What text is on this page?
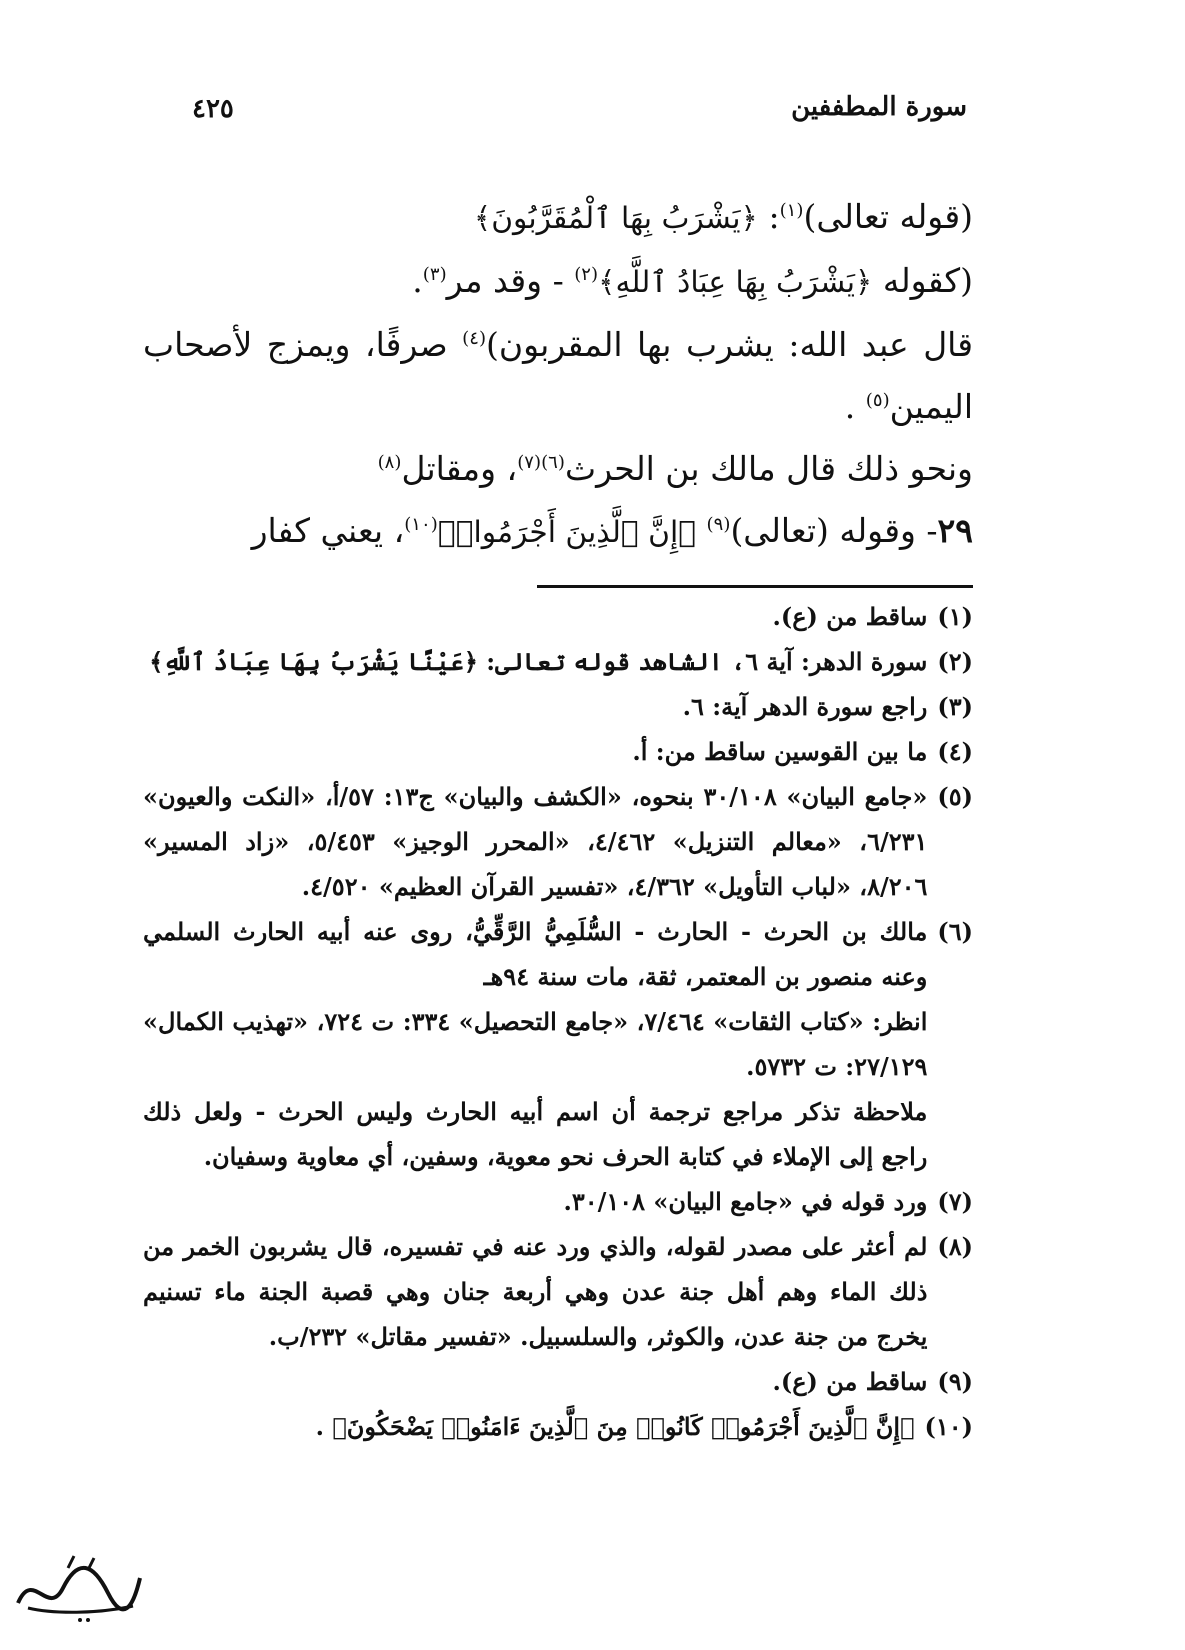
سورة المطففين
٤٢٥

(قوله تعالى)$^{(١)}$: ﴿يَشْرَبُ بِهَا ٱلْمُقَرَّبُونَ﴾

(كقوله ﴿يَشْرَبُ بِهَا عِبَادُ ٱللَّهِ﴾$^{(٢)}$ - وقد مر$^{(٣)}$.

قال عبد الله: يشرب بها المقربون)$^{(٤)}$ صرفًا، ويمزج لأصحاب اليمين$^{(٥)}$ .

ونحو ذلك قال مالك بن الحرث$^{(٦)(٧)}$، ومقاتل$^{(٨)}$

٢٩- وقوله (تعالى)$^{(٩)}$ ﴿إِنَّ ٱلَّذِينَ أَجْرَمُوا۟﴾$^{(١٠)}$، يعني كفار

(١)
ساقط من (ع).
(٢)
سورة الدهر: آية ٦، الشاهد قوله تعالى: ﴿عَيْنًا يَشْرَبُ بِهَا عِبَادُ ٱللَّهِ﴾
(٣)
راجع سورة الدهر آية: ٦.
(٤)
ما بين القوسين ساقط من: أ.
(٥)
«جامع البيان» ٣٠/١٠٨ بنحوه، «الكشف والبيان» ج١٣: ٥٧/أ، «النكت والعيون» ٦/٢٣١، «معالم التنزيل» ٤/٤٦٢، «المحرر الوجيز» ٥/٤٥٣، «زاد المسير» ٨/٢٠٦، «لباب التأويل» ٤/٣٦٢، «تفسير القرآن العظيم» ٤/٥٢٠.
(٦)
مالك بن الحرث - الحارث - السُّلَمِيُّ الرَّقِّيُّ، روى عنه أبيه الحارث السلمي وعنه منصور بن المعتمر، ثقة، مات سنة ٩٤هـ
انظر: «كتاب الثقات» ٧/٤٦٤، «جامع التحصيل» ٣٣٤: ت ٧٢٤، «تهذيب الكمال» ٢٧/١٢٩: ت ٥٧٣٢.
ملاحظة تذكر مراجع ترجمة أن اسم أبيه الحارث وليس الحرث - ولعل ذلك راجع إلى الإملاء في كتابة الحرف نحو معوية، وسفين، أي معاوية وسفيان.
(٧)
ورد قوله في «جامع البيان» ٣٠/١٠٨.
(٨)
لم أعثر على مصدر لقوله، والذي ورد عنه في تفسيره، قال يشربون الخمر من ذلك الماء وهم أهل جنة عدن وهي أربعة جنان وهي قصبة الجنة ماء تسنيم يخرج من جنة عدن، والكوثر، والسلسبيل. «تفسير مقاتل» ٢٣٢/ب.
(٩)
ساقط من (ع).
(١٠)
﴿إِنَّ ٱلَّذِينَ أَجْرَمُوا۟ كَانُوا۟ مِنَ ٱلَّذِينَ ءَامَنُوا۟ يَضْحَكُونَ﴾ .
